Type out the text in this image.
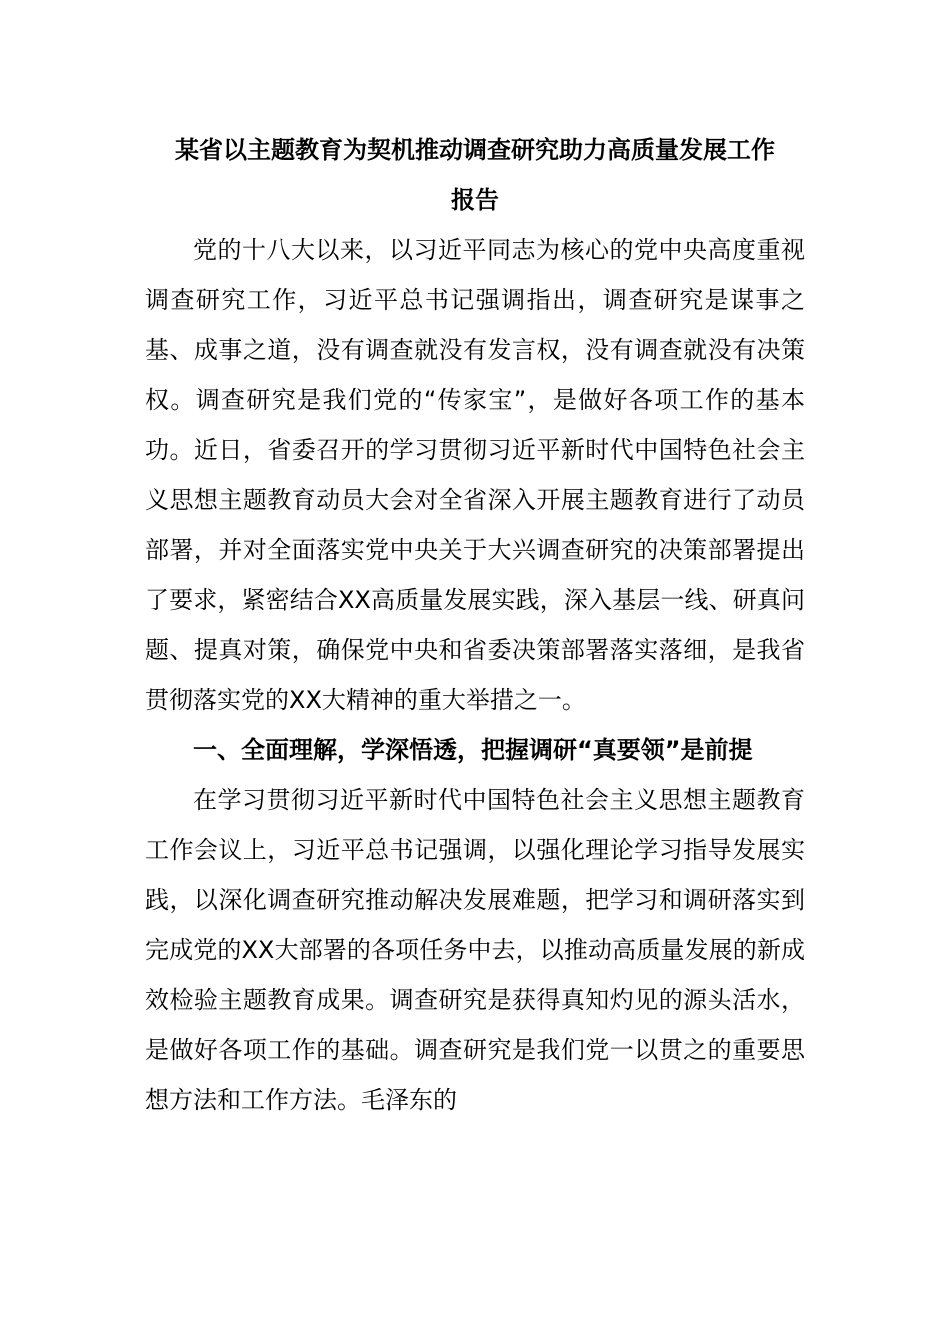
某省以主题教育为契机推动调查研究助力高质量发展工作

报告

党的十八大以来，以习近平同志为核心的党中央高度重视调查研究工作，习近平总书记强调指出，调查研究是谋事之基、成事之道，没有调查就没有发言权，没有调查就没有决策权。调查研究是我们党的“传家宝”，是做好各项工作的基本功。近日，省委召开的学习贯彻习近平新时代中国特色社会主义思想主题教育动员大会对全省深入开展主题教育进行了动员部署，并对全面落实党中央关于大兴调查研究的决策部署提出了要求，紧密结合XX高质量发展实践，深入基层一线、研真问题、提真对策，确保党中央和省委决策部署落实落细，是我省贯彻落实党的XX大精神的重大举措之一。

一、全面理解，学深悟透，把握调研“真要领”是前提

在学习贯彻习近平新时代中国特色社会主义思想主题教育工作会议上，习近平总书记强调，以强化理论学习指导发展实践，以深化调查研究推动解决发展难题，把学习和调研落实到完成党的XX大部署的各项任务中去，以推动高质量发展的新成效检验主题教育成果。调查研究是获得真知灼见的源头活水，是做好各项工作的基础。调查研究是我们党一以贯之的重要思想方法和工作方法。毛泽东的
